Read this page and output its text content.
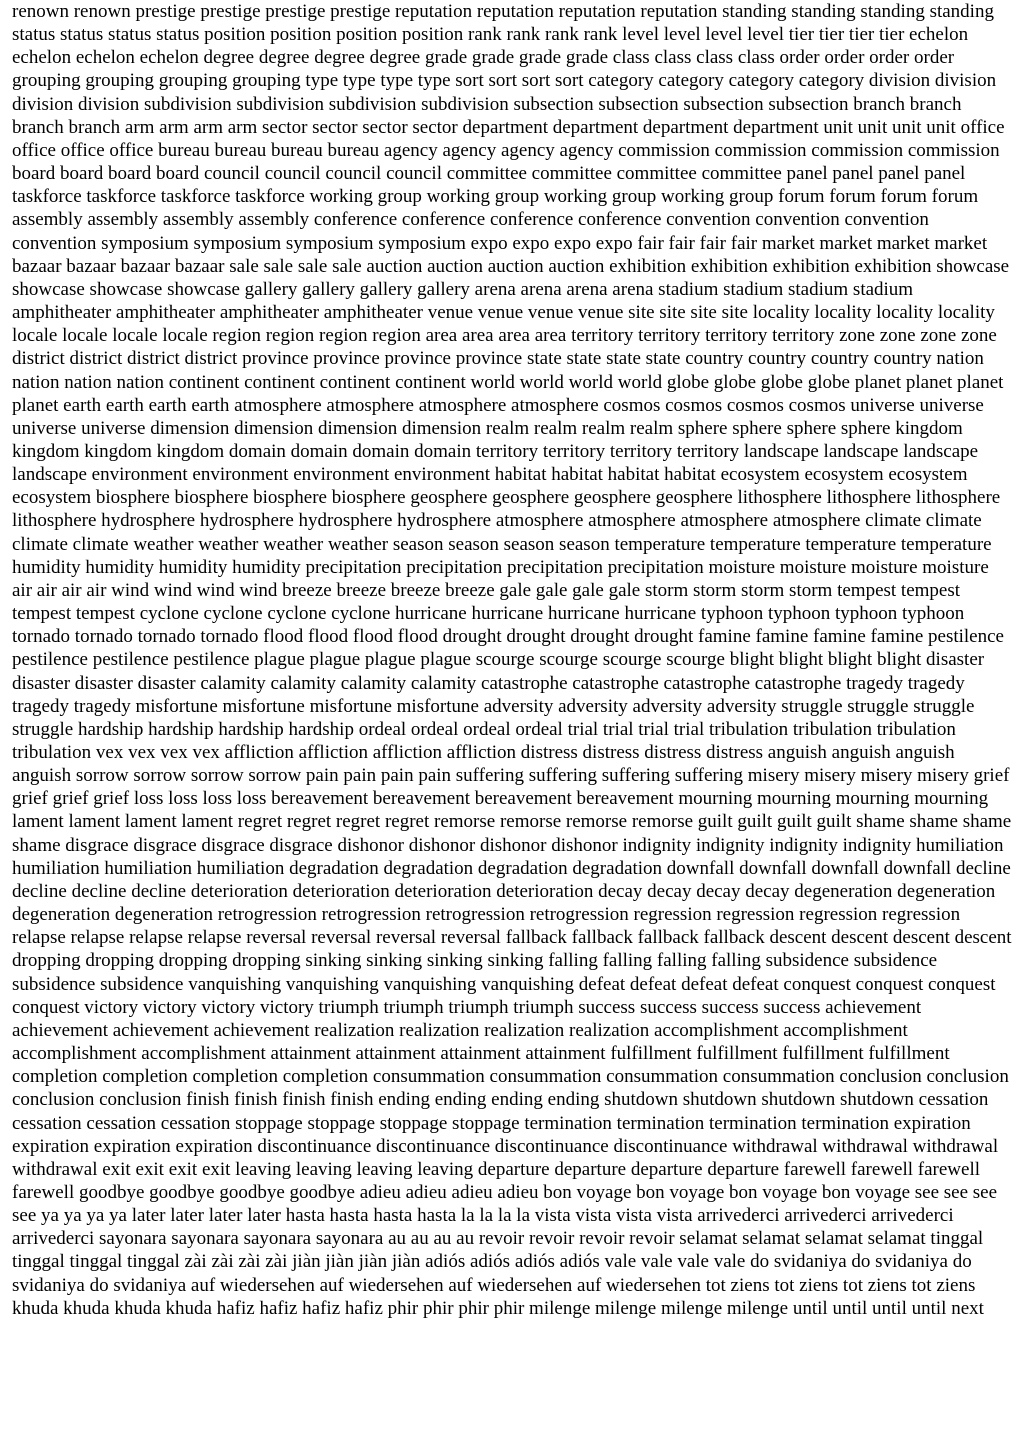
renown renown prestige prestige prestige prestige reputation reputation reputation reputation standing standing standing standing status status status status position position position position rank rank rank rank level level level level tier tier tier tier echelon echelon echelon echelon degree degree degree degree grade grade grade grade class class class class order order order order grouping grouping grouping grouping type type type type sort sort sort sort category category category category division division division division subdivision subdivision subdivision subdivision subsection subsection subsection subsection branch branch branch branch arm arm arm arm sector sector sector sector department department department department unit unit unit unit office office office office bureau bureau bureau bureau agency agency agency agency commission commission commission commission board board board board council council council council committee committee committee committee panel panel panel panel taskforce taskforce taskforce taskforce working group working group working group working group forum forum forum forum assembly assembly assembly assembly conference conference conference conference convention convention convention convention symposium symposium symposium symposium expo expo expo expo fair fair fair fair market market market market bazaar bazaar bazaar bazaar sale sale sale sale auction auction auction auction exhibition exhibition exhibition exhibition showcase showcase showcase showcase gallery gallery gallery gallery arena arena arena arena stadium stadium stadium stadium amphitheater amphitheater amphitheater amphitheater venue venue venue venue site site site site locality locality locality locality locale locale locale locale region region region region area area area area territory territory territory territory zone zone zone zone district district district district province province province province state state state state country country country country nation nation nation nation continent continent continent continent world world world world globe globe globe globe planet planet planet planet earth earth earth earth atmosphere atmosphere atmosphere atmosphere cosmos cosmos cosmos cosmos universe universe universe universe dimension dimension dimension dimension realm realm realm realm sphere sphere sphere sphere kingdom kingdom kingdom kingdom domain domain domain domain territory territory territory territory landscape landscape landscape landscape environment environment environment environment habitat habitat habitat habitat ecosystem ecosystem ecosystem ecosystem biosphere biosphere biosphere biosphere geosphere geosphere geosphere geosphere lithosphere lithosphere lithosphere lithosphere hydrosphere hydrosphere hydrosphere hydrosphere atmosphere atmosphere atmosphere atmosphere climate climate climate climate weather weather weather weather season season season season temperature temperature temperature temperature humidity humidity humidity humidity precipitation precipitation precipitation precipitation moisture moisture moisture moisture air air air air wind wind wind wind breeze breeze breeze breeze gale gale gale gale storm storm storm storm tempest tempest tempest tempest cyclone cyclone cyclone cyclone hurricane hurricane hurricane hurricane typhoon typhoon typhoon typhoon tornado tornado tornado tornado flood flood flood flood drought drought drought drought famine famine famine famine pestilence pestilence pestilence pestilence plague plague plague plague scourge scourge scourge scourge blight blight blight blight disaster disaster disaster disaster calamity calamity calamity calamity catastrophe catastrophe catastrophe catastrophe tragedy tragedy tragedy tragedy misfortune misfortune misfortune misfortune adversity adversity adversity adversity struggle struggle struggle struggle hardship hardship hardship hardship ordeal ordeal ordeal ordeal trial trial trial trial tribulation tribulation tribulation tribulation vex vex vex vex affliction affliction affliction affliction distress distress distress distress anguish anguish anguish anguish sorrow sorrow sorrow sorrow pain pain pain pain suffering suffering suffering suffering misery misery misery misery grief grief grief grief loss loss loss loss bereavement bereavement bereavement bereavement mourning mourning mourning mourning lament lament lament lament regret regret regret regret remorse remorse remorse remorse guilt guilt guilt guilt shame shame shame shame disgrace disgrace disgrace disgrace dishonor dishonor dishonor dishonor indignity indignity indignity indignity humiliation humiliation humiliation humiliation degradation degradation degradation degradation downfall downfall downfall downfall decline decline decline decline deterioration deterioration deterioration deterioration decay decay decay decay degeneration degeneration degeneration degeneration retrogression retrogression retrogression retrogression regression regression regression regression relapse relapse relapse relapse reversal reversal reversal reversal fallback fallback fallback fallback descent descent descent descent dropping dropping dropping dropping sinking sinking sinking sinking falling falling falling falling subsidence subsidence subsidence subsidence vanquishing vanquishing vanquishing vanquishing defeat defeat defeat defeat conquest conquest conquest conquest victory victory victory victory triumph triumph triumph triumph success success success success achievement achievement achievement achievement realization realization realization realization accomplishment accomplishment accomplishment accomplishment attainment attainment attainment attainment fulfillment fulfillment fulfillment fulfillment completion completion completion completion consummation consummation consummation consummation conclusion conclusion conclusion conclusion finish finish finish finish ending ending ending ending shutdown shutdown shutdown shutdown cessation cessation cessation cessation stoppage stoppage stoppage stoppage termination termination termination termination expiration expiration expiration expiration discontinuance discontinuance discontinuance discontinuance withdrawal withdrawal withdrawal withdrawal exit exit exit exit leaving leaving leaving leaving departure departure departure departure farewell farewell farewell farewell goodbye goodbye goodbye goodbye adieu adieu adieu adieu bon voyage bon voyage bon voyage bon voyage see see see see ya ya ya ya later later later later hasta hasta hasta hasta la la la la vista vista vista vista arrivederci arrivederci arrivederci arrivederci sayonara sayonara sayonara sayonara au au au au revoir revoir revoir revoir selamat selamat selamat selamat tinggal tinggal tinggal tinggal zài zài zài zài jiàn jiàn jiàn jiàn adiós adiós adiós adiós vale vale vale vale do svidaniya do svidaniya do svidaniya do svidaniya auf wiedersehen auf wiedersehen auf wiedersehen auf wiedersehen tot ziens tot ziens tot ziens tot ziens khuda khuda khuda khuda hafiz hafiz hafiz hafiz phir phir phir phir milenge milenge milenge milenge until until until until next
